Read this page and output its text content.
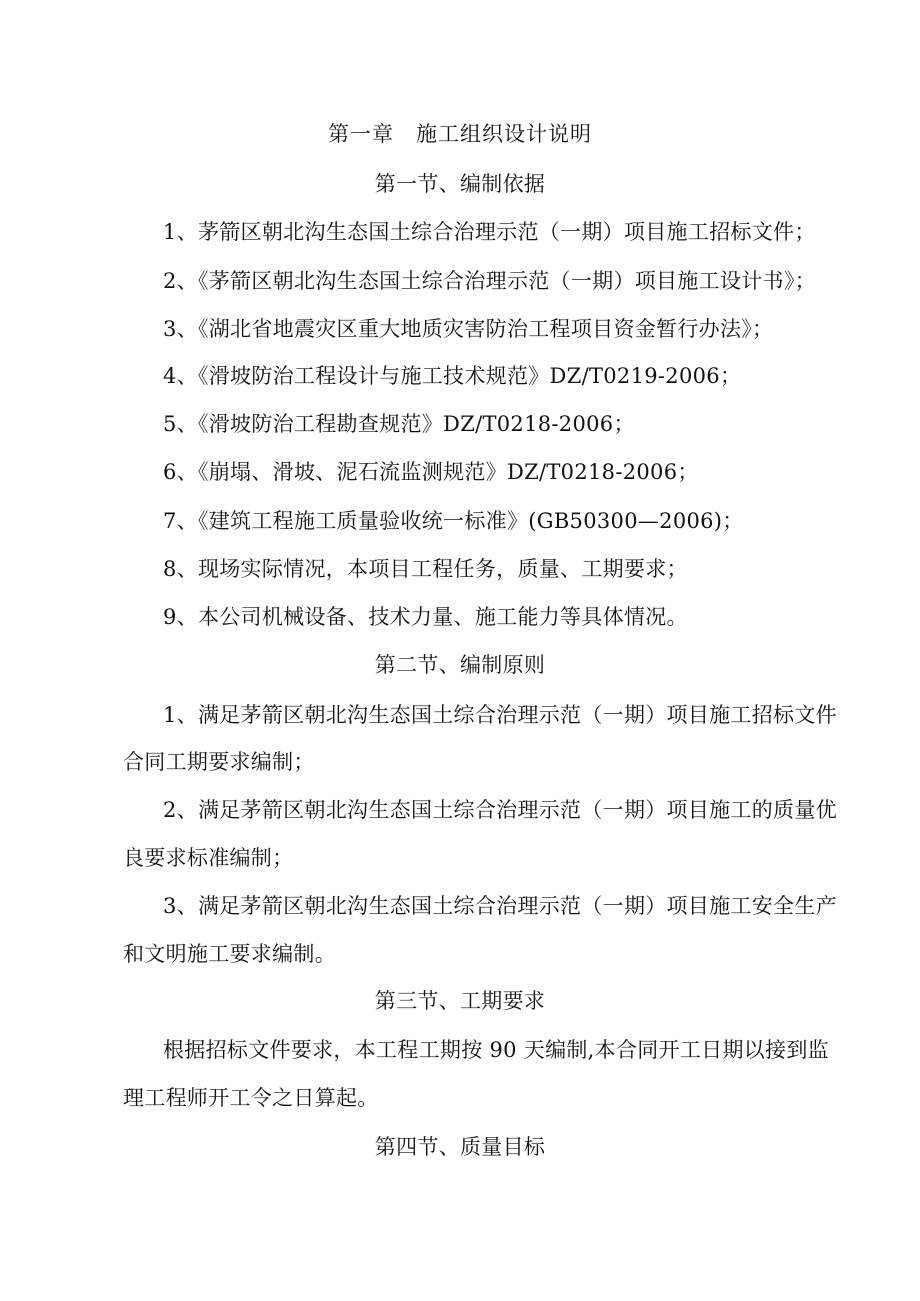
第一章　施工组织设计说明
第一节、编制依据
1、茅箭区朝北沟生态国土综合治理示范（一期）项目施工招标文件；
2、《茅箭区朝北沟生态国土综合治理示范（一期）项目施工设计书》；
3、《湖北省地震灾区重大地质灾害防治工程项目资金暂行办法》；
4、《滑坡防治工程设计与施工技术规范》DZ/T0219-2006；
5、《滑坡防治工程勘查规范》DZ/T0218-2006；
6、《崩塌、滑坡、泥石流监测规范》DZ/T0218-2006；
7、《建筑工程施工质量验收统一标准》(GB50300—2006)；
8、现场实际情况，本项目工程任务，质量、工期要求；
9、本公司机械设备、技术力量、施工能力等具体情况。
第二节、编制原则
1、满足茅箭区朝北沟生态国土综合治理示范（一期）项目施工招标文件
合同工期要求编制；
2、满足茅箭区朝北沟生态国土综合治理示范（一期）项目施工的质量优
良要求标准编制；
3、满足茅箭区朝北沟生态国土综合治理示范（一期）项目施工安全生产
和文明施工要求编制。
第三节、工期要求
根据招标文件要求，本工程工期按 90 天编制,本合同开工日期以接到监
理工程师开工令之日算起。
第四节、质量目标
